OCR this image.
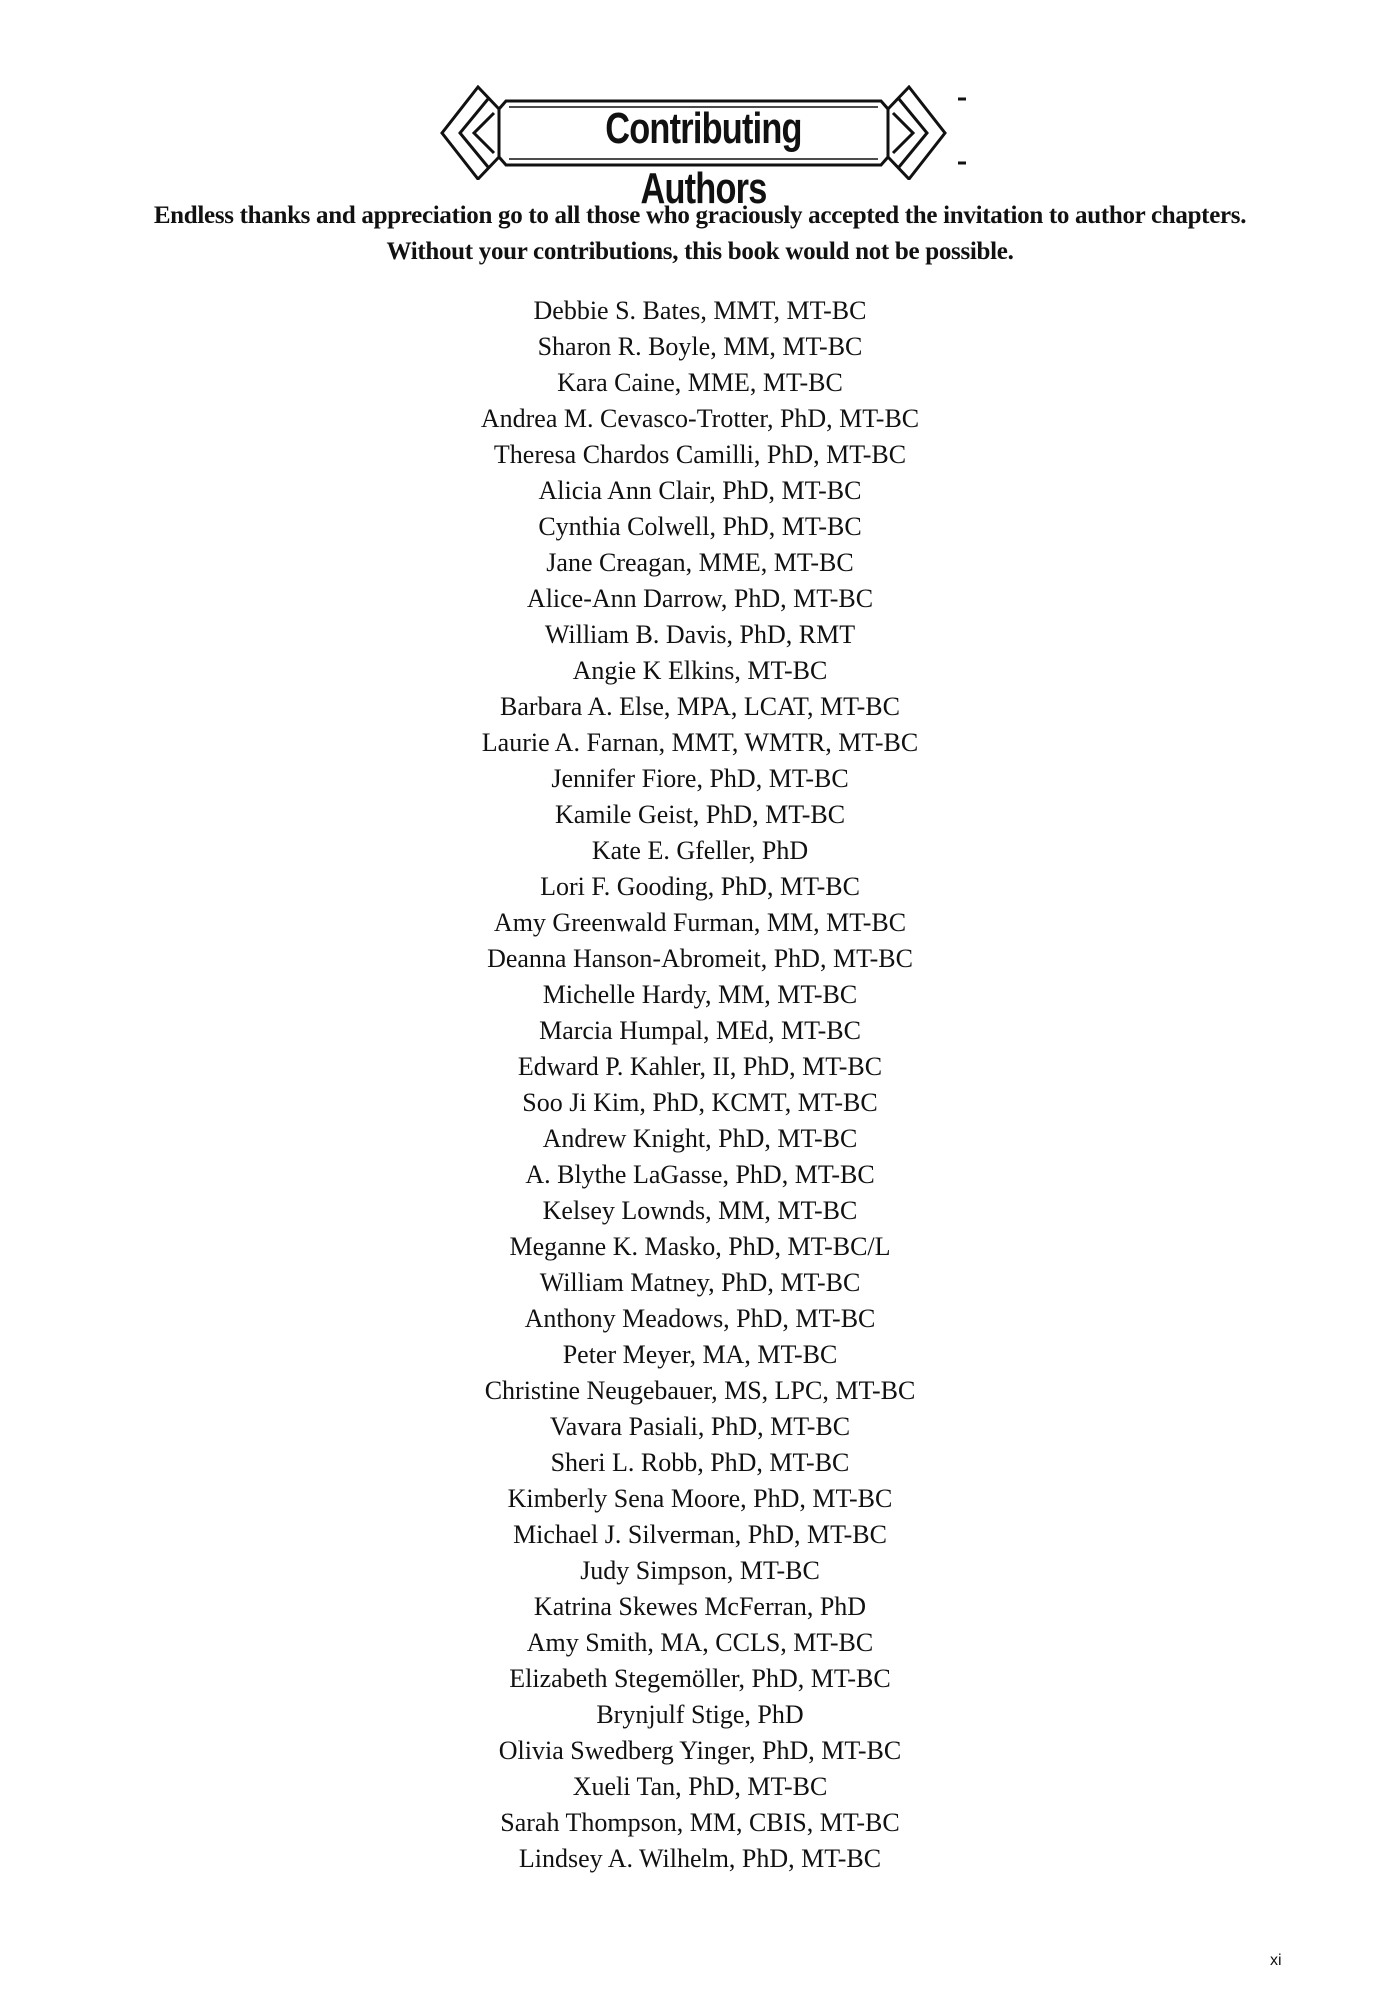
Contributing Authors
Endless thanks and appreciation go to all those who graciously accepted the invitation to author chapters.
Without your contributions, this book would not be possible.
Debbie S. Bates, MMT, MT-BC
Sharon R. Boyle, MM, MT-BC
Kara Caine, MME, MT-BC
Andrea M. Cevasco-Trotter, PhD, MT-BC
Theresa Chardos Camilli, PhD, MT-BC
Alicia Ann Clair, PhD, MT-BC
Cynthia Colwell, PhD, MT-BC
Jane Creagan, MME, MT-BC
Alice-Ann Darrow, PhD, MT-BC
William B. Davis, PhD, RMT
Angie K Elkins, MT-BC
Barbara A. Else, MPA, LCAT, MT-BC
Laurie A. Farnan, MMT, WMTR, MT-BC
Jennifer Fiore, PhD, MT-BC
Kamile Geist, PhD, MT-BC
Kate E. Gfeller, PhD
Lori F. Gooding, PhD, MT-BC
Amy Greenwald Furman, MM, MT-BC
Deanna Hanson-Abromeit, PhD, MT-BC
Michelle Hardy, MM, MT-BC
Marcia Humpal, MEd, MT-BC
Edward P. Kahler, II, PhD, MT-BC
Soo Ji Kim, PhD, KCMT, MT-BC
Andrew Knight, PhD, MT-BC
A. Blythe LaGasse, PhD, MT-BC
Kelsey Lownds, MM, MT-BC
Meganne K. Masko, PhD, MT-BC/L
William Matney, PhD, MT-BC
Anthony Meadows, PhD, MT-BC
Peter Meyer, MA, MT-BC
Christine Neugebauer, MS, LPC, MT-BC
Vavara Pasiali, PhD, MT-BC
Sheri L. Robb, PhD, MT-BC
Kimberly Sena Moore, PhD, MT-BC
Michael J. Silverman, PhD, MT-BC
Judy Simpson, MT-BC
Katrina Skewes McFerran, PhD
Amy Smith, MA, CCLS, MT-BC
Elizabeth Stegemöller, PhD, MT-BC
Brynjulf Stige, PhD
Olivia Swedberg Yinger, PhD, MT-BC
Xueli Tan, PhD, MT-BC
Sarah Thompson, MM, CBIS, MT-BC
Lindsey A. Wilhelm, PhD, MT-BC
xi
